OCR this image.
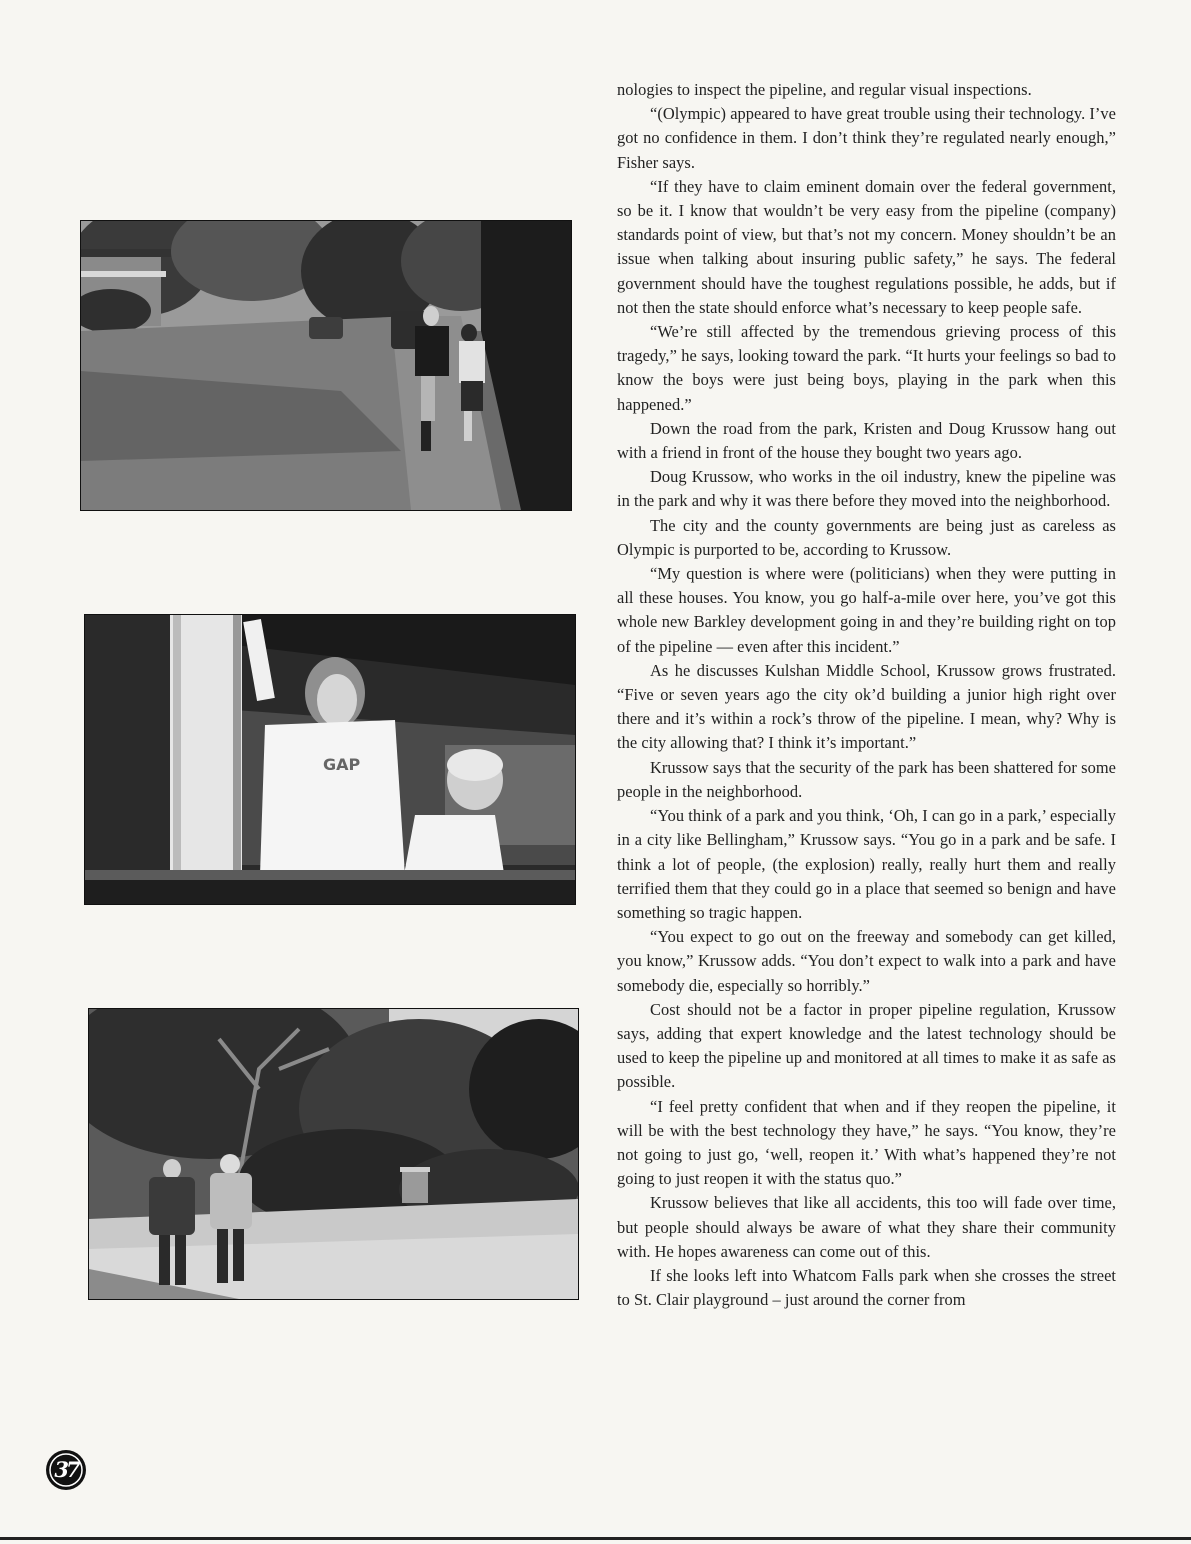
GAP

nologies to inspect the pipeline, and regular visual inspections.

“(Olympic) appeared to have great trouble using their technology. I’ve got no confidence in them. I don’t think they’re regulated nearly enough,” Fisher says.

“If they have to claim eminent domain over the federal government, so be it. I know that wouldn’t be very easy from the pipeline (company) standards point of view, but that’s not my concern. Money shouldn’t be an issue when talking about insuring public safety,” he says. The federal government should have the toughest regulations possible, he adds, but if not then the state should enforce what’s necessary to keep people safe.

“We’re still affected by the tremendous grieving process of this tragedy,” he says, looking toward the park. “It hurts your feelings so bad to know the boys were just being boys, playing in the park when this happened.”

Down the road from the park, Kristen and Doug Krussow hang out with a friend in front of the house they bought two years ago.

Doug Krussow, who works in the oil industry, knew the pipeline was in the park and why it was there before they moved into the neighborhood.

The city and the county governments are being just as careless as Olympic is purported to be, according to Krussow.

“My question is where were (politicians) when they were putting in all these houses. You know, you go half-a-mile over here, you’ve got this whole new Barkley development going in and they’re building right on top of the pipeline — even after this incident.”

As he discusses Kulshan Middle School, Krussow grows frustrated. “Five or seven years ago the city ok’d building a junior high right over there and it’s within a rock’s throw of the pipeline. I mean, why? Why is the city allowing that? I think it’s important.”

Krussow says that the security of the park has been shattered for some people in the neighborhood.

“You think of a park and you think, ‘Oh, I can go in a park,’ especially in a city like Bellingham,” Krussow says. “You go in a park and be safe. I think a lot of people, (the explosion) really, really hurt them and really terrified them that they could go in a place that seemed so benign and have something so tragic happen.

“You expect to go out on the freeway and somebody can get killed, you know,” Krussow adds. “You don’t expect to walk into a park and have somebody die, especially so horribly.”

Cost should not be a factor in proper pipeline regulation, Krussow says, adding that expert knowledge and the latest technology should be used to keep the pipeline up and monitored at all times to make it as safe as possible.

“I feel pretty confident that when and if they reopen the pipeline, it will be with the best technology they have,” he says. “You know, they’re not going to just go, ‘well, reopen it.’ With what’s happened they’re not going to just reopen it with the status quo.”

Krussow believes that like all accidents, this too will fade over time, but people should always be aware of what they share their community with. He hopes awareness can come out of this.

If she looks left into Whatcom Falls park when she crosses the street to St. Clair playground – just around the corner from

37
